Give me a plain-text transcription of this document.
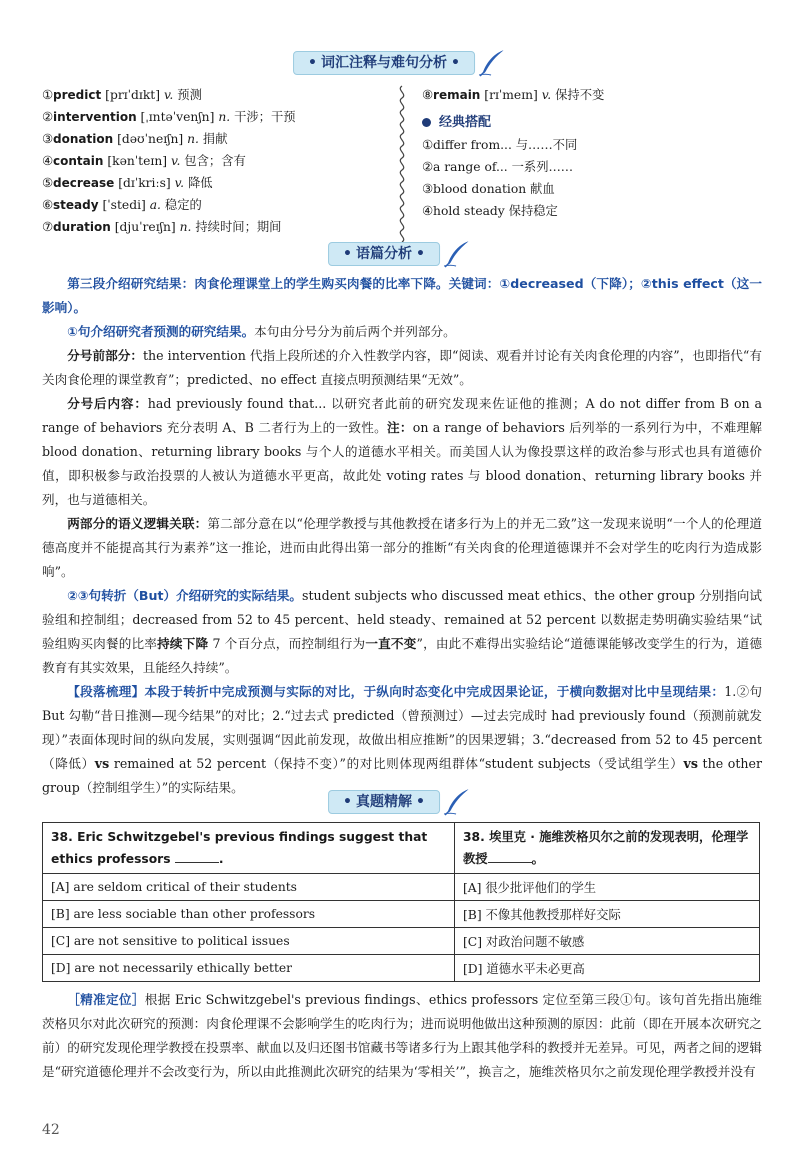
• 词汇注释与难句分析 •
①predict [prɪˈdɪkt] v. 预测
②intervention [ˌɪntəˈvenʃn] n. 干涉；干预
③donation [dəʊˈneɪʃn] n. 捐献
④contain [kənˈteɪn] v. 包含；含有
⑤decrease [dɪˈkriːs] v. 降低
⑥steady [ˈstedi] a. 稳定的
⑦duration [djuˈreɪʃn] n. 持续时间；期间
⑧remain [rɪˈmeɪn] v. 保持不变
经典搭配
①differ from... 与……不同
②a range of... 一系列……
③blood donation 献血
④hold steady 保持稳定
• 语篇分析 •
第三段介绍研究结果：肉食伦理课堂上的学生购买肉餐的比率下降。关键词：①decreased（下降）；②this effect（这一影响）。
①句介绍研究者预测的研究结果。本句由分号分为前后两个并列部分。
分号前部分：the intervention 代指上段所述的介入性教学内容，即“阅读、观看并讨论有关肉食伦理的内容”，也即指代“有关肉食伦理的课堂教育”；predicted、no effect 直接点明预测结果“无效”。
分号后内容：had previously found that... 以研究者此前的研究发现来佐证他的推测；A do not differ from B on a range of behaviors 充分表明 A、B 二者行为上的一致性。注：on a range of behaviors 后列举的一系列行为中，不难理解 blood donation、returning library books 与个人的道德水平相关。而美国人认为像投票这样的政治参与形式也具有道德价值，即积极参与政治投票的人被认为道德水平更高，故此处 voting rates 与 blood donation、returning library books 并列，也与道德相关。
两部分的语义逻辑关联：第二部分意在以“伦理学教授与其他教授在诸多行为上的并无二致”这一发现来说明“一个人的伦理道德高度并不能提高其行为素养”这一推论，进而由此得出第一部分的推断“有关肉食的伦理道德课并不会对学生的吃肉行为造成影响”。
②③句转折（But）介绍研究的实际结果。student subjects who discussed meat ethics、the other group 分别指向试验组和控制组；decreased from 52 to 45 percent、held steady、remained at 52 percent 以数据走势明确实验结果“试验组购买肉餐的比率持续下降 7 个百分点，而控制组行为一直不变”，由此不难得出实验结论“道德课能够改变学生的行为，道德教育有其实效果，且能经久持续”。
【段落梳理】本段于转折中完成预测与实际的对比，于纵向时态变化中完成因果论证，于横向数据对比中呈现结果：1.②句 But 勾勒“昔日推测—现今结果”的对比；2.“过去式 predicted（曾预测过）—过去完成时 had previously found（预测前就发现）”表面体现时间的纵向发展，实则强调“因此前发现，故做出相应推断”的因果逻辑；3.“decreased from 52 to 45 percent（降低）vs remained at 52 percent（保持不变）”的对比则体现两组群体“student subjects（受试组学生）vs the other group（控制组学生）”的实际结果。
• 真题精解 •
38. Eric Schwitzgebel's previous findings suggest that ethics professors .	38. 埃里克 · 施维茨格贝尔之前的发现表明，伦理学教授 。
[A] are seldom critical of their students	[A] 很少批评他们的学生
[B] are less sociable than other professors	[B] 不像其他教授那样好交际
[C] are not sensitive to political issues	[C] 对政治问题不敏感
[D] are not necessarily ethically better	[D] 道德水平未必更高
［精准定位］根据 Eric Schwitzgebel's previous findings、ethics professors 定位至第三段①句。该句首先指出施维茨格贝尔对此次研究的预测：肉食伦理课不会影响学生的吃肉行为；进而说明他做出这种预测的原因：此前（即在开展本次研究之前）的研究发现伦理学教授在投票率、献血以及归还图书馆藏书等诸多行为上跟其他学科的教授并无差异。可见，两者之间的逻辑是“研究道德伦理并不会改变行为，所以由此推测此次研究的结果为‘零相关’”，换言之，施维茨格贝尔之前发现伦理学教授并没有
42
